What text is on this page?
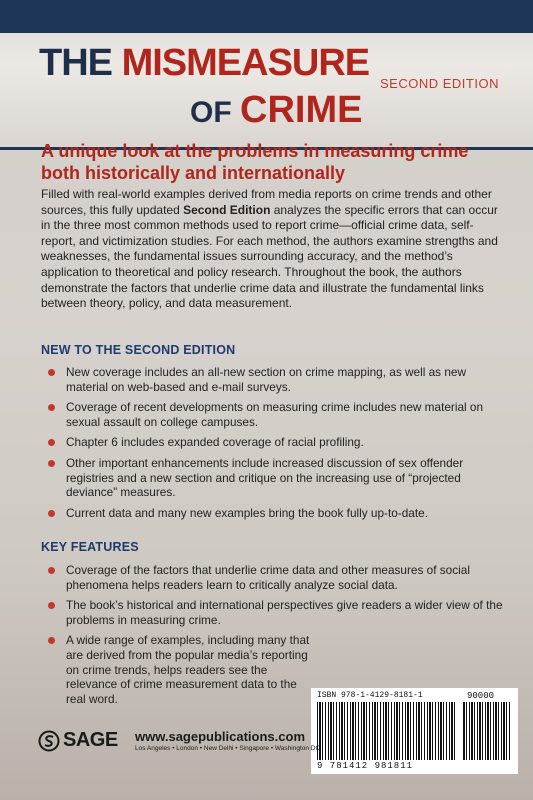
THE MISMEASURE SECOND EDITION
OF CRIME
A unique look at the problems in measuring crime both historically and internationally
Filled with real-world examples derived from media reports on crime trends and other sources, this fully updated Second Edition analyzes the specific errors that can occur in the three most common methods used to report crime—official crime data, self-report, and victimization studies. For each method, the authors examine strengths and weaknesses, the fundamental issues surrounding accuracy, and the method’s application to theoretical and policy research. Throughout the book, the authors demonstrate the factors that underlie crime data and illustrate the fundamental links between theory, policy, and data measurement.
NEW TO THE SECOND EDITION
New coverage includes an all-new section on crime mapping, as well as new material on web-based and e-mail surveys.
Coverage of recent developments on measuring crime includes new material on sexual assault on college campuses.
Chapter 6 includes expanded coverage of racial profiling.
Other important enhancements include increased discussion of sex offender registries and a new section and critique on the increasing use of “projected deviance” measures.
Current data and many new examples bring the book fully up-to-date.
KEY FEATURES
Coverage of the factors that underlie crime data and other measures of social phenomena helps readers learn to critically analyze social data.
The book’s historical and international perspectives give readers a wider view of the problems in measuring crime.
A wide range of examples, including many that are derived from the popular media’s reporting on crime trends, helps readers see the relevance of crime measurement data to the real word.	ISBN 978-1-4129-8181-1	90000
9 781412 981811
SAGE www.sagepublications.com
Los Angeles • London • New Delhi • Singapore • Washington DC
